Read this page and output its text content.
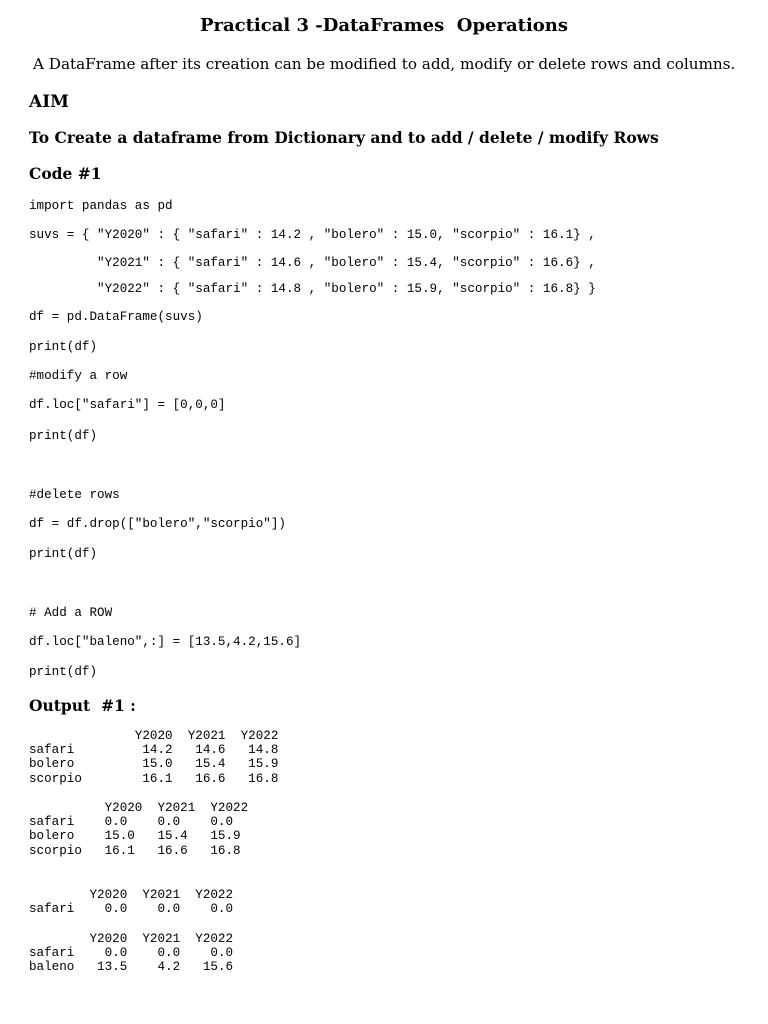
Practical 3 -DataFrames  Operations
A DataFrame after its creation can be modified to add, modify or delete rows and columns.
AIM
To Create a dataframe from Dictionary and to add / delete / modify Rows
Code #1
import pandas as pd
suvs = { "Y2020" : { "safari" : 14.2 , "bolero" : 15.0, "scorpio" : 16.1} ,
"Y2021" : { "safari" : 14.6 , "bolero" : 15.4, "scorpio" : 16.6} ,
"Y2022" : { "safari" : 14.8 , "bolero" : 15.9, "scorpio" : 16.8} }
df = pd.DataFrame(suvs)
print(df)
#modify a row
df.loc["safari"] = [0,0,0]
print(df)
#delete rows
df = df.drop(["bolero","scorpio"])
print(df)
# Add a ROW
df.loc["baleno",:] = [13.5,4.2,15.6]
print(df)
Output  #1 :
Y2020  Y2021  Y2022
safari         14.2   14.6   14.8
bolero         15.0   15.4   15.9
scorpio        16.1   16.6   16.8
Y2020  Y2021  Y2022
safari    0.0    0.0    0.0
bolero    15.0   15.4   15.9
scorpio   16.1   16.6   16.8
Y2020  Y2021  Y2022
safari    0.0    0.0    0.0
Y2020  Y2021  Y2022
safari    0.0    0.0    0.0
baleno   13.5    4.2   15.6
